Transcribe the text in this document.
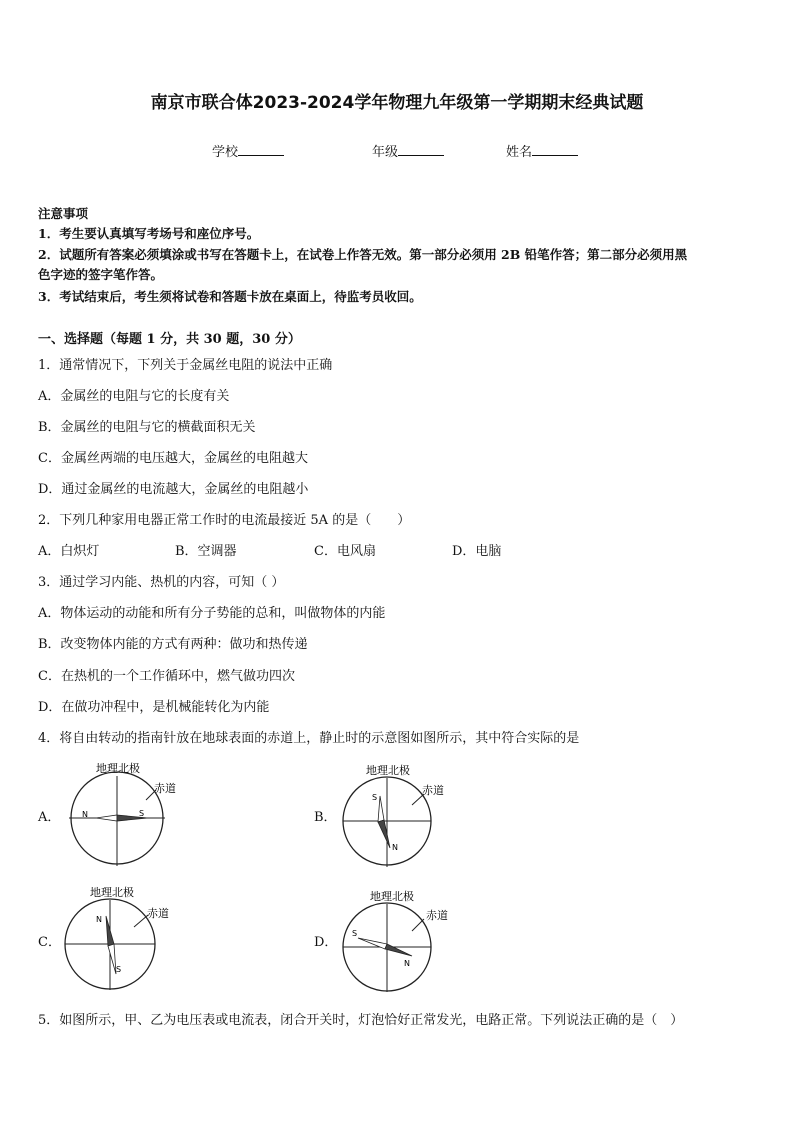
南京市联合体2023-2024学年物理九年级第一学期期末经典试题
学校	年级	姓名
注意事项
1．考生要认真填写考场号和座位序号。
2．试题所有答案必须填涂或书写在答题卡上，在试卷上作答无效。第一部分必须用 2B 铅笔作答；第二部分必须用黑
色字迹的签字笔作答。
3．考试结束后，考生须将试卷和答题卡放在桌面上，待监考员收回。
一、选择题（每题 1 分，共 30 题，30 分）
1．通常情况下，下列关于金属丝电阻的说法中正确
A．金属丝的电阻与它的长度有关
B．金属丝的电阻与它的横截面积无关
C．金属丝两端的电压越大，金属丝的电阻越大
D．通过金属丝的电流越大，金属丝的电阻越小
2．下列几种家用电器正常工作时的电流最接近 5A 的是（　　）
A．白炽灯	B．空调器	C．电风扇	D．电脑
3．通过学习内能、热机的内容，可知（ ）
A．物体运动的动能和所有分子势能的总和，叫做物体的内能
B．改变物体内能的方式有两种：做功和热传递
C．在热机的一个工作循环中，燃气做功四次
D．在做功冲程中，是机械能转化为内能
4．将自由转动的指南针放在地球表面的赤道上，静止时的示意图如图所示，其中符合实际的是
A．
地理北极
赤道
N	S	B．
地理北极
赤道
S
N
C．
地理北极
赤道
N
S
D．
地理北极
赤道
S
N
5．如图所示，甲、乙为电压表或电流表，闭合开关时，灯泡恰好正常发光，电路正常。下列说法正确的是（　）
